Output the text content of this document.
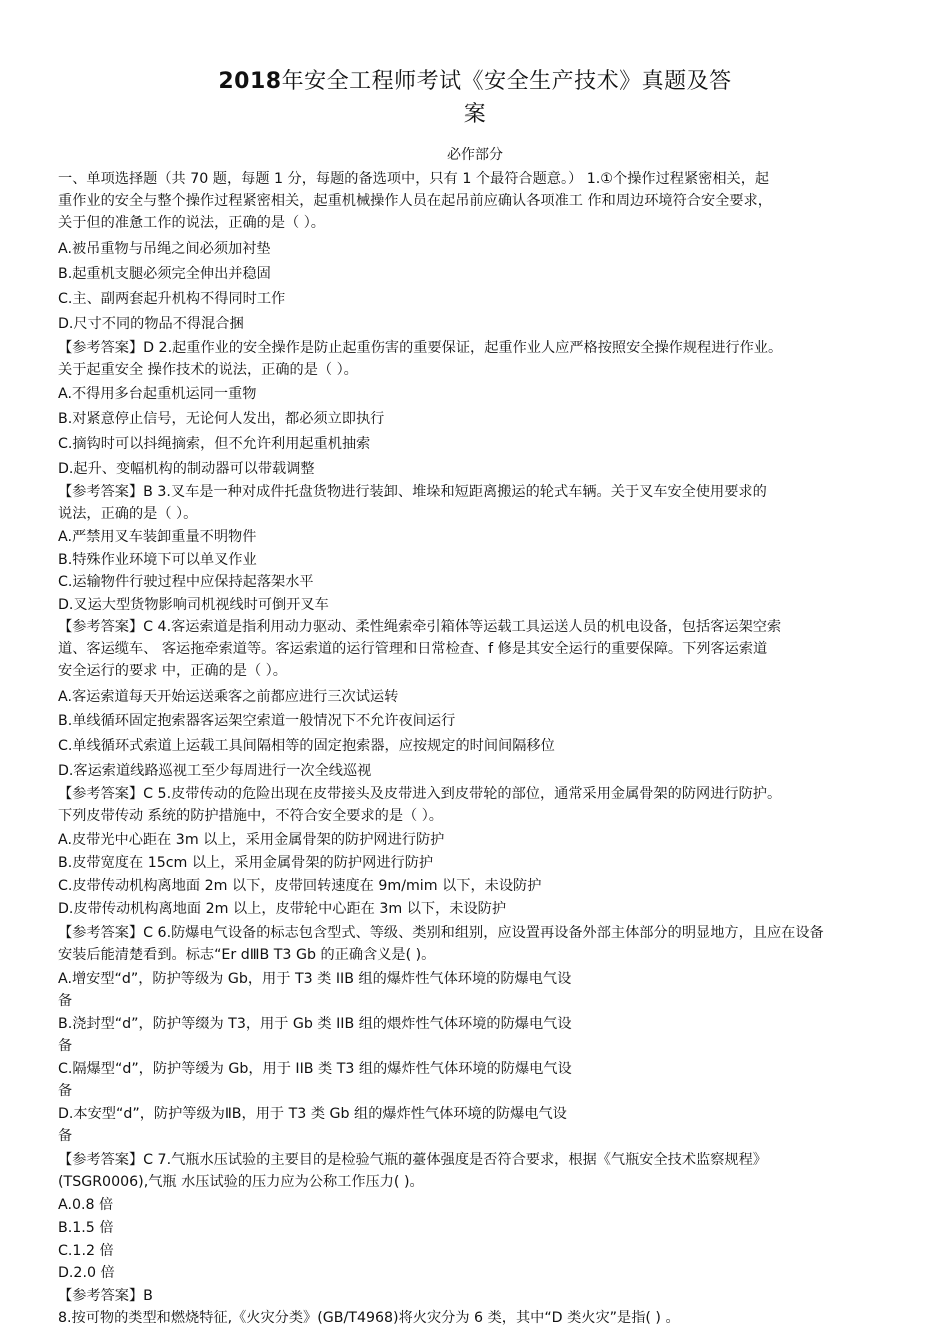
2018年安全工程师考试《安全生产技术》真题及答
案
必作部分
一、单项选择题（共 70 题，每题 1 分，每题的备选项中，只有 1 个最符合题意。） 1.①个操作过程紧密相关，起
重作业的安全与整个操作过程紧密相关，起重机械操作人员在起吊前应确认各项准工 作和周边环境符合安全要求，
关于但的准惫工作的说法，正确的是（ ）。
A.被吊重物与吊绳之间必须加衬垫
B.起重机支腿必须完全伸出并稳固
C.主、副两套起升机构不得同时工作
D.尺寸不同的物品不得混合捆
【参考答案】D 2.起重作业的安全操作是防止起重伤害的重要保证，起重作业人应严格按照安全操作规程进行作业。
关于起重安全 操作技术的说法，正确的是（ ）。
A.不得用多台起重机运同一重物
B.对紧意停止信号，无论何人发出，都必须立即执行
C.摘钩时可以抖绳摘索，但不允许利用起重机抽索
D.起升、变幅机构的制动器可以带载调整
【参考答案】B 3.叉车是一种对成件托盘货物进行装卸、堆垛和短距离搬运的轮式车辆。关于叉车安全使用要求的
说法，正确的是（ ）。
A.严禁用叉车装卸重量不明物件
B.特殊作业环境下可以单叉作业
C.运输物件行驶过程中应保持起落架水平
D.叉运大型货物影响司机视线时可倒开叉车
【参考答案】C 4.客运索道是指利用动力驱动、柔性绳索牵引箱体等运载工具运送人员的机电设备，包括客运架空索
道、客运缆车、 客运拖牵索道等。客运索道的运行管理和日常检查、f 修是其安全运行的重要保障。下列客运索道
安全运行的要求 中，正确的是（ ）。
A.客运索道每天开始运送乘客之前都应进行三次试运转
B.单线循环固定抱索器客运架空索道一般情况下不允许夜间运行
C.单线循环式索道上运载工具间隔相等的固定抱索器，应按规定的时间间隔移位
D.客运索道线路巡视工至少每周进行一次全线巡视
【参考答案】C 5.皮带传动的危险出现在皮带接头及皮带进入到皮带轮的部位，通常采用金属骨架的防网进行防护。
下列皮带传动 系统的防护措施中，不符合安全要求的是（ ）。
A.皮带光中心距在 3m 以上，采用金属骨架的防护网进行防护
B.皮带宽度在 15cm 以上，采用金属骨架的防护网进行防护
C.皮带传动机构离地面 2m 以下，皮带回转速度在 9m/mim 以下，未设防护
D.皮带传动机构离地面 2m 以上，皮带轮中心距在 3m 以下，未设防护
【参考答案】C 6.防爆电气设备的标志包含型式、等级、类别和组别，应设置再设备外部主体部分的明显地方，且应在设备
安装后能清楚看到。标志“Er dⅢB T3 Gb 的正确含义是( )。
A.增安型“d”，防护等级为 Gb，用于 T3 类 IIB 组的爆炸性气体环境的防爆电气设
备
B.浇封型“d”，防护等缀为 T3，用于 Gb 类 IIB 组的煨炸性气体环境的防爆电气设
备
C.隔爆型“d”，防护等缓为 Gb，用于 IIB 类 T3 组的爆炸性气体环境的防爆电气设
备
D.本安型“d”，防护等级为ⅡB，用于 T3 类 Gb 组的爆炸性气体环境的防爆电气设
备
【参考答案】C 7.气瓶水压试验的主要目的是检验气瓶的薹体强度是否符合要求，根据《气瓶安全技术监察规程》
(TSGR0006),气瓶 水压试验的压力应为公称工作压力( )。
A.0.8 倍
B.1.5 倍
C.1.2 倍
D.2.0 倍
【参考答案】B
8.按可物的类型和燃烧特征,《火灾分类》(GB/T4968)将火灾分为 6 类，其中“D 类火灾”是指( ) 。
